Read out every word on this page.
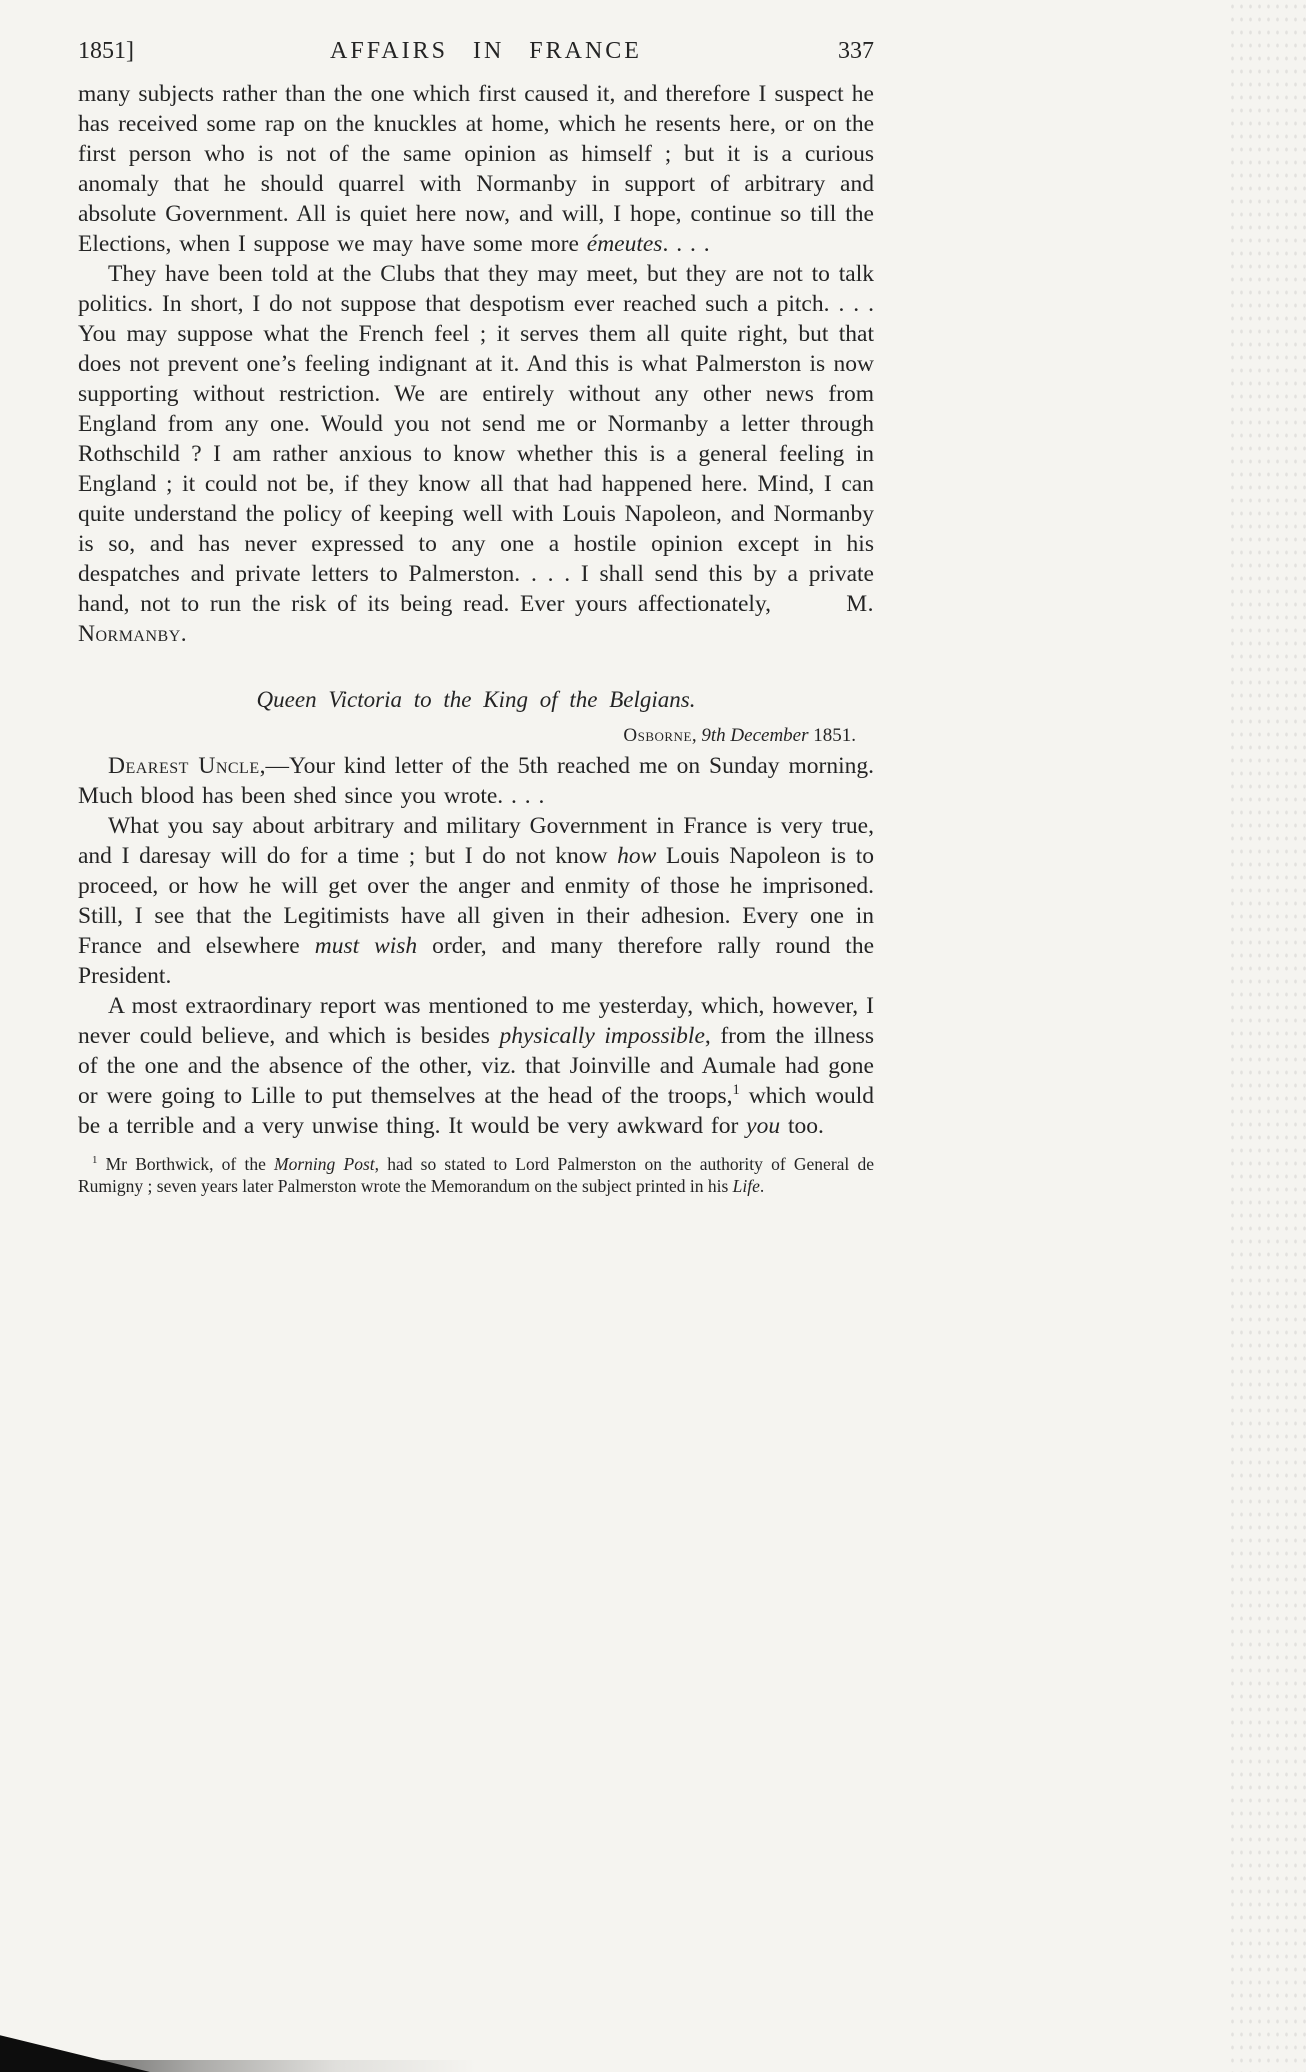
1851]	AFFAIRS IN FRANCE	337

many subjects rather than the one which first caused it, and therefore I suspect he has received some rap on the knuckles at home, which he resents here, or on the first person who is not of the same opinion as himself ; but it is a curious anomaly that he should quarrel with Normanby in support of arbitrary and absolute Government. All is quiet here now, and will, I hope, continue so till the Elections, when I suppose we may have some more émeutes. . . .

They have been told at the Clubs that they may meet, but they are not to talk politics. In short, I do not suppose that despotism ever reached such a pitch. . . . You may suppose what the French feel ; it serves them all quite right, but that does not prevent one’s feeling indignant at it. And this is what Palmerston is now supporting without restriction. We are entirely without any other news from England from any one. Would you not send me or Normanby a letter through Rothschild ? I am rather anxious to know whether this is a general feeling in England ; it could not be, if they know all that had happened here. Mind, I can quite understand the policy of keeping well with Louis Napoleon, and Normanby is so, and has never expressed to any one a hostile opinion except in his despatches and private letters to Palmerston. . . . I shall send this by a private hand, not to run the risk of its being read. Ever yours affectionately,	M. Normanby.

Queen Victoria to the King of the Belgians.
Osborne, 9th December 1851.

Dearest Uncle,—Your kind letter of the 5th reached me on Sunday morning. Much blood has been shed since you wrote. . . .

What you say about arbitrary and military Government in France is very true, and I daresay will do for a time ; but I do not know how Louis Napoleon is to proceed, or how he will get over the anger and enmity of those he imprisoned. Still, I see that the Legitimists have all given in their adhesion. Every one in France and elsewhere must wish order, and many therefore rally round the President.

A most extraordinary report was mentioned to me yesterday, which, however, I never could believe, and which is besides physically impossible, from the illness of the one and the absence of the other, viz. that Joinville and Aumale had gone or were going to Lille to put themselves at the head of the troops,$^1$ which would be a terrible and a very unwise thing. It would be very awkward for you too.

$^1$ Mr Borthwick, of the Morning Post, had so stated to Lord Palmerston on the authority of General de Rumigny ; seven years later Palmerston wrote the Memorandum on the subject printed in his Life.
